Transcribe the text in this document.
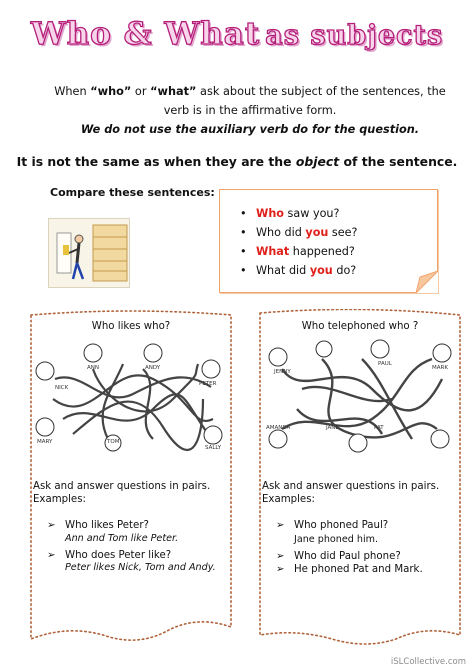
Who & What as subjects
When “who” or “what” ask about the subject of the sentences, the
verb is in the affirmative form.
We do not use the auxiliary verb do for the question.
It is not the same as when they are the object of the sentence.
Compare these sentences:
• Who saw you?
• Who did you see?
• What happened?
• What did you do?
Who likes who?
NICK
ANN	ANDY
PETER
MARY	TOM
SALLY
Ask and answer questions in pairs.
Examples:
➢ Who likes Peter?
Ann and Tom like Peter.
➢ Who does Peter like?
Peter likes Nick, Tom and Andy.
Who telephoned who ?
JENNY
PAUL
MARK
AMANDA	JANE	PAT
Ask and answer questions in pairs.
Examples:
➢ Who phoned Paul?
Jane phoned him.
➢ Who did Paul phone?
➢ He phoned Pat and Mark.
iSLCollective.com
